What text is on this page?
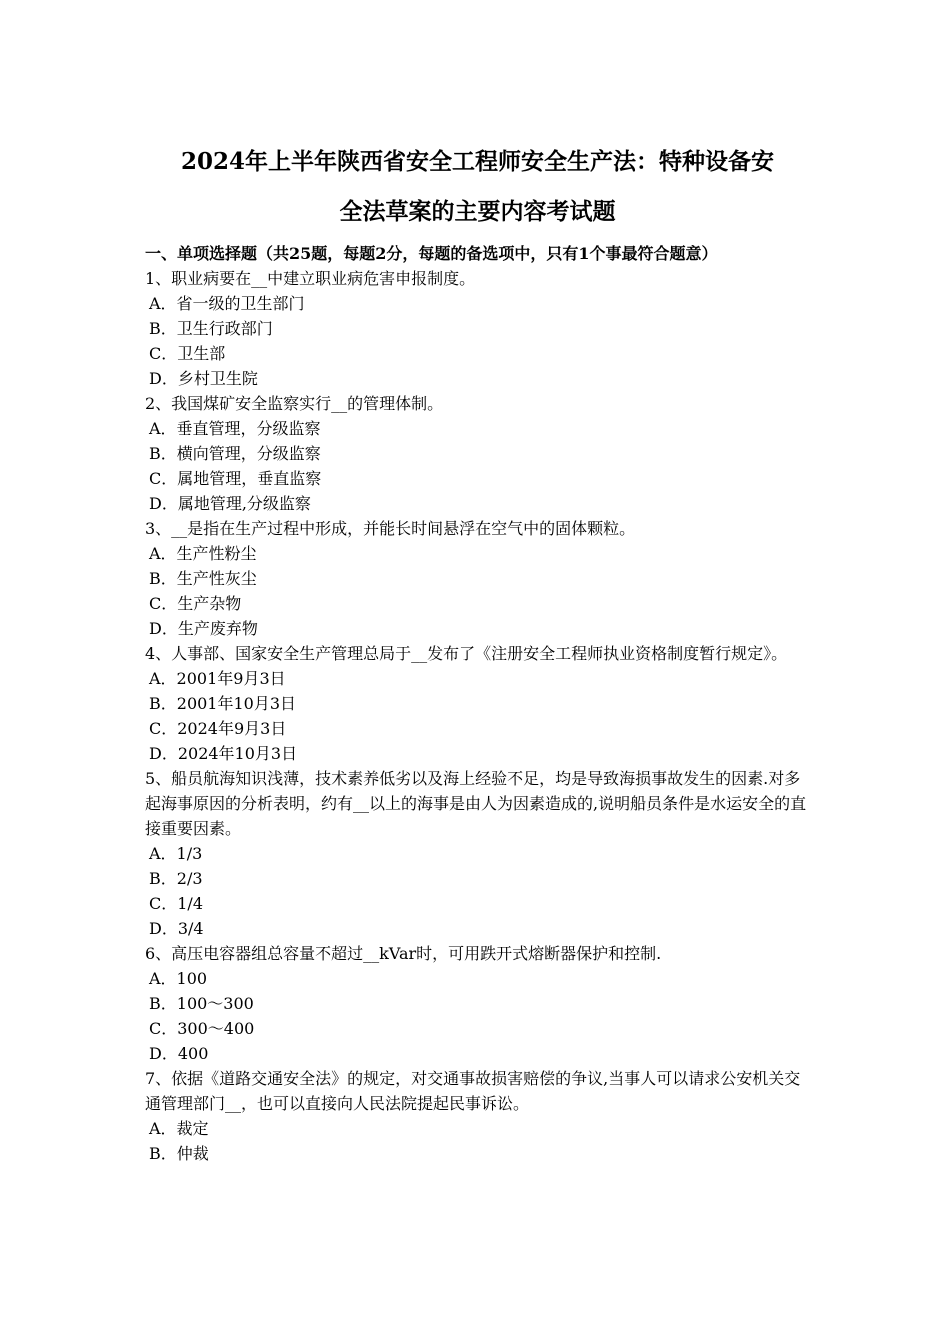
2024年上半年陕西省安全工程师安全生产法：特种设备安
全法草案的主要内容考试题
一、单项选择题（共25题，每题2分，每题的备选项中，只有1个事最符合题意）
1、职业病要在__中建立职业病危害申报制度。
A．省一级的卫生部门
B．卫生行政部门
C．卫生部
D．乡村卫生院
2、我国煤矿安全监察实行__的管理体制。
A．垂直管理，分级监察
B．横向管理，分级监察
C．属地管理，垂直监察
D．属地管理,分级监察
3、__是指在生产过程中形成，并能长时间悬浮在空气中的固体颗粒。
A．生产性粉尘
B．生产性灰尘
C．生产杂物
D．生产废弃物
4、人事部、国家安全生产管理总局于__发布了《注册安全工程师执业资格制度暂行规定》。
A．2001年9月3日
B．2001年10月3日
C．2024年9月3日
D．2024年10月3日
5、船员航海知识浅薄，技术素养低劣以及海上经验不足，均是导致海损事故发生的因素.对多起海事原因的分析表明，约有__以上的海事是由人为因素造成的,说明船员条件是水运安全的直接重要因素。
A．1/3
B．2/3
C．1/4
D．3/4
6、高压电容器组总容量不超过__kVar时，可用跌开式熔断器保护和控制.
A．100
B．100～300
C．300～400
D．400
7、依据《道路交通安全法》的规定，对交通事故损害赔偿的争议,当事人可以请求公安机关交通管理部门__，也可以直接向人民法院提起民事诉讼。
A．裁定
B．仲裁
